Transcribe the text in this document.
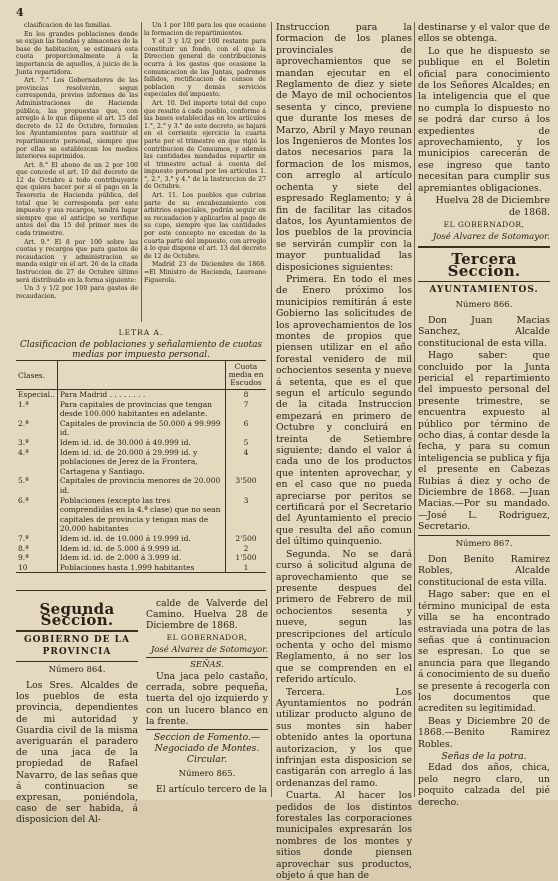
4

clasificacion de las familias.

En los grandes poblaciones donde se exijan las tiendas y almacenes de la base de habitacion, se estimará esta cuota proporcionalmente á la importancia de aquellos, á juicio de la Junta repartidora.

Art. 7.° Los Gobernadores de las provincias resolverán, segun corresponda, prévios informes de las Administraciones de Hacienda pública, las propuestas que, con arreglo á lo que dispone el art. 15 del decreto de 12 de Octubre, formulen los Ayuntamientos para sustituir el repartimiento personal, siempre que por ellas se establezcan los medios interiores suprimidos.

Art. 8.° El abono de un 2 por 100 que concede el art. 10 del decreto de 12 de Octubre á todo contribuyente que quiera hacer por sí el pago en la Tesorería de Hacienda pública, del total que le corresponda por este impuesto y sus recargos, tendrá lugar siempre que el anticipo se verifique antes del dia 15 del primer mes de cada trimestre.

Art. 9.° El 8 por 100 sobre las cuotas y recargos que para gastos de recaudacion y administracion se manda exigir en el art. 26 de la citada Instruccion de 27 de Octubre último será distribuido en la forma siguiente:

Un 3 y 1/2 por 100 para gastos de recaudacion.

Un 1 por 100 para los que ocasione la formacion de repartimientos.

Y el 3 y 1/2 por 100 restante para constituir un fondo, con el que la Direccion general de contribuciones ocurra á los gastos que ocasione la comunicacion de las Juntas, padrones fallidos, rectificacion de censos de poblacion y demás servicios especiales del impuesto.

Art. 10. Del importe total del cupo que resulte á cada pueblo, conforme á las bases establecidas en los artículos 1.°, 2.° y 3.° de este decreto, se bajará en el corriente ejercicio la cuarta parte por el trimestre en que rigió la contribucion de Consumos, y además las cantidades mandadas repartir en el trimestre actual á cuenta del impuesto personal por los artículos 1.°, 2.°, 3.° y 4.° de la Instruccion de 27 de Octubre.

Art. 11. Los pueblos que cubrian parte de su encabezamiento con arbitrios especiales, podrán seguir en su recaudacion y aplicarlos al pago de su cupo, siempre que las cantidades por este concepto no excedan de la cuarta parte del impuesto, con arreglo á lo que dispone el art. 13 del decreto de 12 de Octubre.

Madrid 23 de Diciembre de 1868. =El Ministro de Hacienda, Laureano Figuerola.

LETRA A.
Clasificacion de poblaciones y señalamiento de cuotas medias por impuesto personal.
Clases.		Cuota media en Escudos
Especial..	Para Madrid . . . . . . . .	8
1.ª	Para capitales de provincias que tengan desde 100.000 habitantes en adelante.	7
2.ª	Capitales de provincia de 50.000 á 99.999 id.	6
3.ª	Idem id. id. de 30.000 á 49.999 id.	5
4.ª	Idem id. id. de 20.000 á 29.999 id. y poblaciones de Jerez de la Frontera, Cartagena y Santiago.	4
5.ª	Capitales de provincia menores de 20.000 id.	3'500
6.ª	Poblaciones (excepto las tres comprendidas en la 4.ª clase) que no sean capitales de provincia y tengan mas de 20.000 habitantes	3
7.ª	Idem id. id. de 10.000 á 19.999 id.	2'500
8.ª	Idem id. id. de 5.000 á 9.999 id.	2
9.ª	Idem id. id. de 2.000 á 3.999 id.	1'500
10	Poblaciones hasta 1.999 habitantes	1
Segunda Seccion.
GOBIERNO DE LA PROVINCIA
Número 864.

Los Sres. Alcaldes de los pueblos de esta provincia, dependientes de mi autoridad y Guardia civil de la misma averiguarán el paradero de una jaca de la propiedad de Rafael Navarro, de las señas que á continuacion se expresan, poniéndola, caso de ser habida, á disposicion del Al-

calde de Valverde del Camino. Huelva 28 de Diciembre de 1868.

EL GOBERNADOR,
José Alvarez de Sotomayor.
SEÑAS.

Una jaca pelo castaño, cerrada, sobre pequeña, tuerta del ojo izquierdo y con un lucero blanco en la frente.

Seccion de Fomento.—Negociado de Montes.
Circular.
Número 865.

El artículo tercero de la

Instruccion para la formacion de los planes provinciales de aprovechamientos que se mandan ejecutar en el Reglamento de diez y siete de Mayo de mil ochocientos sesenta y cinco, previene que durante los meses de Marzo, Abril y Mayo reunan los Ingenieros de Montes los datos necesarios para la formacion de los mismos, con arreglo al artículo ochenta y siete del espresado Reglamento; y á fin de facilitar las citados datos, los Ayuntamientos de los pueblos de la provincia se servirán cumplir con la mayor puntualidad las disposiciones siguientes:

Primera. En todo el mes de Enero próximo los municipios remitirán á este Gobierno las solicitudes de los aprovechamientos de los montes de propios que piensen utilizar en el año forestal venidero de mil ochocientos sesenta y nueve á setenta, que es el que segun el artículo segundo de la citada Instruccion empezará en primero de Octubre y concluirá en treinta de Setiembre siguiente; dando el valor á cada uno de los productos que intenten aprovechar, y en el caso que no pueda apreciarse por peritos se certificará por el Secretario del Ayuntamiento el precio que resulta del año comun del último quinquenio.

Segunda. No se dará curso á solicitud alguna de aprovechamiento que se presente despues del primero de Febrero de mil ochocientos sesenta y nueve, segun las prescripciones del artículo ochenta y ocho del mismo Reglamento, á no ser los que se comprenden en el referido artículo.

Tercera. Los Ayuntamientos no podrán utilizar producto alguno de sus montes sin haber obtenido antes la oportuna autorizacion, y los que infrinjan esta disposicion se castigarán con arreglo á las ordenanzas del ramo.

Cuarta. Al hacer los pedidos de los distintos forestales las corporaciones municipales expresarán los nombres de los montes y sitios donde piensen aprovechar sus productos, objeto á que han de

destinarse y el valor que de ellos se obtenga.

Lo que he dispuesto se publique en el Boletin oficial para conocimiento de los Señores Alcaldes; en la inteligencia que el que no cumpla lo dispuesto no se podrá dar curso á los expedientes de aprovechamiento, y los municipios carecerán de ese ingreso que tanto necesitan para cumplir sus apremiantes obligaciones.

Huelva 28 de Diciembre de 1868.

EL GOBERNADOR,
José Alvarez de Sotomayor.
Tercera Seccion.
AYUNTAMIENTOS.
Número 866.

Don Juan Macias Sanchez, Alcalde constitucional de esta villa.

Hago saber: que concluido por la Junta pericial el repartimiento del impuesto personal del presente trimestre, se encuentra expuesto al público por término de ocho dias, á contar desde la fecha, y para su comun inteligencia se publica y fija el presente en Cabezas Rubias á diez y ocho de Diciembre de 1868. —Juan Macias.—Por su mandado.—José L. Rodriguez, Secretario.

Número 867.

Don Benito Ramirez Robles, Alcalde constitucional de esta villa.

Hago saber: que en el término municipal de esta villa se ha encontrado estraviada una potra de las señas que á continuacion se espresan. Lo que se anuncia para que llegando á conocimiento de su dueño se presente á recogerla con los documentos que acrediten su legitimidad.

Beas y Diciembre 20 de 1868.—Benito Ramirez Robles.

Señas de la potra.

Edad dos años, chica, pelo negro claro, un poquito calzada del pié derecho.
